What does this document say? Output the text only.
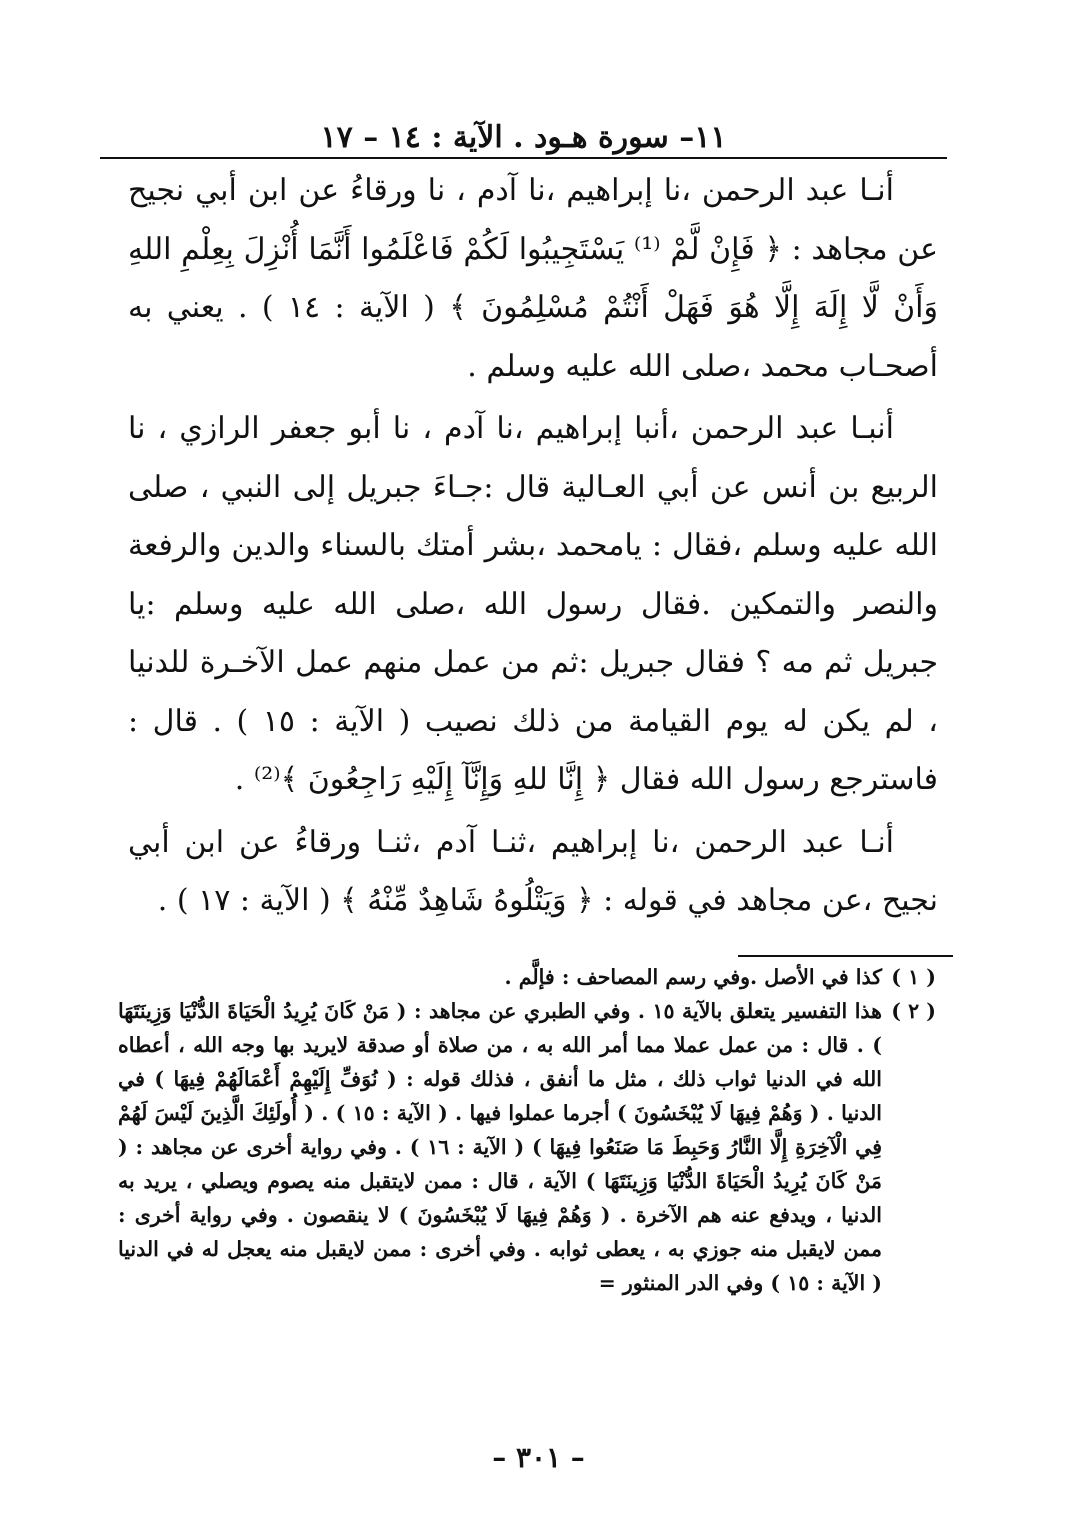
١١– سورة هـود . الآية : ١٤ – ١٧

أنـا عبد الرحمن ،نا إبراهيم ،نا آدم ، نا ورقاءُ عن ابن أبي نجيح عن مجاهد : ﴿ فَإِنْ لَّمْ ⁽¹⁾ يَسْتَجِيبُوا لَكُمْ فَاعْلَمُوا أَنَّمَا أُنْزِلَ بِعِلْمِ اللهِ وَأَنْ لَّا إِلَهَ إِلَّا هُوَ فَهَلْ أَنْتُمْ مُسْلِمُونَ ﴾ ( الآية : ١٤ ) . يعني به أصحـاب محمد ،صلى الله عليه وسلم .

أنبـا عبد الرحمن ،أنبا إبراهيم ،نا آدم ، نا أبو جعفر الرازي ، نا الربيع بن أنس عن أبي العـالية قال :جـاءَ جبريل إلى النبي ، صلى الله عليه وسلم ،فقال : يامحمد ،بشر أمتك بالسناء والدين والرفعة والنصر والتمكين .فقال رسول الله ،صلى الله عليه وسلم :يا جبريل ثم مه ؟ فقال جبريل :ثم من عمل منهم عمل الآخـرة للدنيا ، لم يكن له يوم القيامة من ذلك نصيب ( الآية : ١٥ ) . قال : فاسترجع رسول الله فقال ﴿ إِنَّا للهِ وَإِنَّآ إِلَيْهِ رَاجِعُونَ ﴾⁽²⁾ .

أنـا عبد الرحمن ،نا إبراهيم ،ثنـا آدم ،ثنـا ورقاءُ عن ابن أبي نجيح ،عن مجاهد في قوله : ﴿ وَيَتْلُوهُ شَاهِدٌ مِّنْهُ ﴾ ( الآية : ١٧ ) .

( ١ )
كذا في الأصل .وفي رسم المصاحف : فإلَّم .
( ٢ )
هذا التفسير يتعلق بالآية ١٥ . وفي الطبري عن مجاهد : ( مَنْ كَانَ يُرِيدُ الْحَيَاةَ الدُّنْيَا وَزِينَتَهَا ) . قال : من عمل عملا مما أمر الله به ، من صلاة أو صدقة لايريد بها وجه الله ، أعطاه الله في الدنيا ثواب ذلك ، مثل ما أنفق ، فذلك قوله : ( نُوَفِّ إِلَيْهِمْ أَعْمَالَهُمْ فِيهَا ) في الدنيا . ( وَهُمْ فِيهَا لَا يُبْخَسُونَ ) أجرما عملوا فيها . ( الآية : ١٥ ) . ( أُولَئِكَ الَّذِينَ لَيْسَ لَهُمْ فِي الْآخِرَةِ إِلَّا النَّارُ وَحَبِطَ مَا صَنَعُوا فِيهَا ) ( الآية : ١٦ ) . وفي رواية أخرى عن مجاهد : ( مَنْ كَانَ يُرِيدُ الْحَيَاةَ الدُّنْيَا وَزِينَتَهَا ) الآية ، قال : ممن لايتقبل منه يصوم ويصلي ، يريد به الدنيا ، ويدفع عنه هم الآخرة . ( وَهُمْ فِيهَا لَا يُبْخَسُونَ ) لا ينقصون . وفي رواية أخرى : ممن لايقبل منه جوزي به ، يعطى ثوابه . وفي أخرى : ممن لايقبل منه يعجل له في الدنيا ( الآية : ١٥ ) وفي الدر المنثور =
– ٣٠١ –
